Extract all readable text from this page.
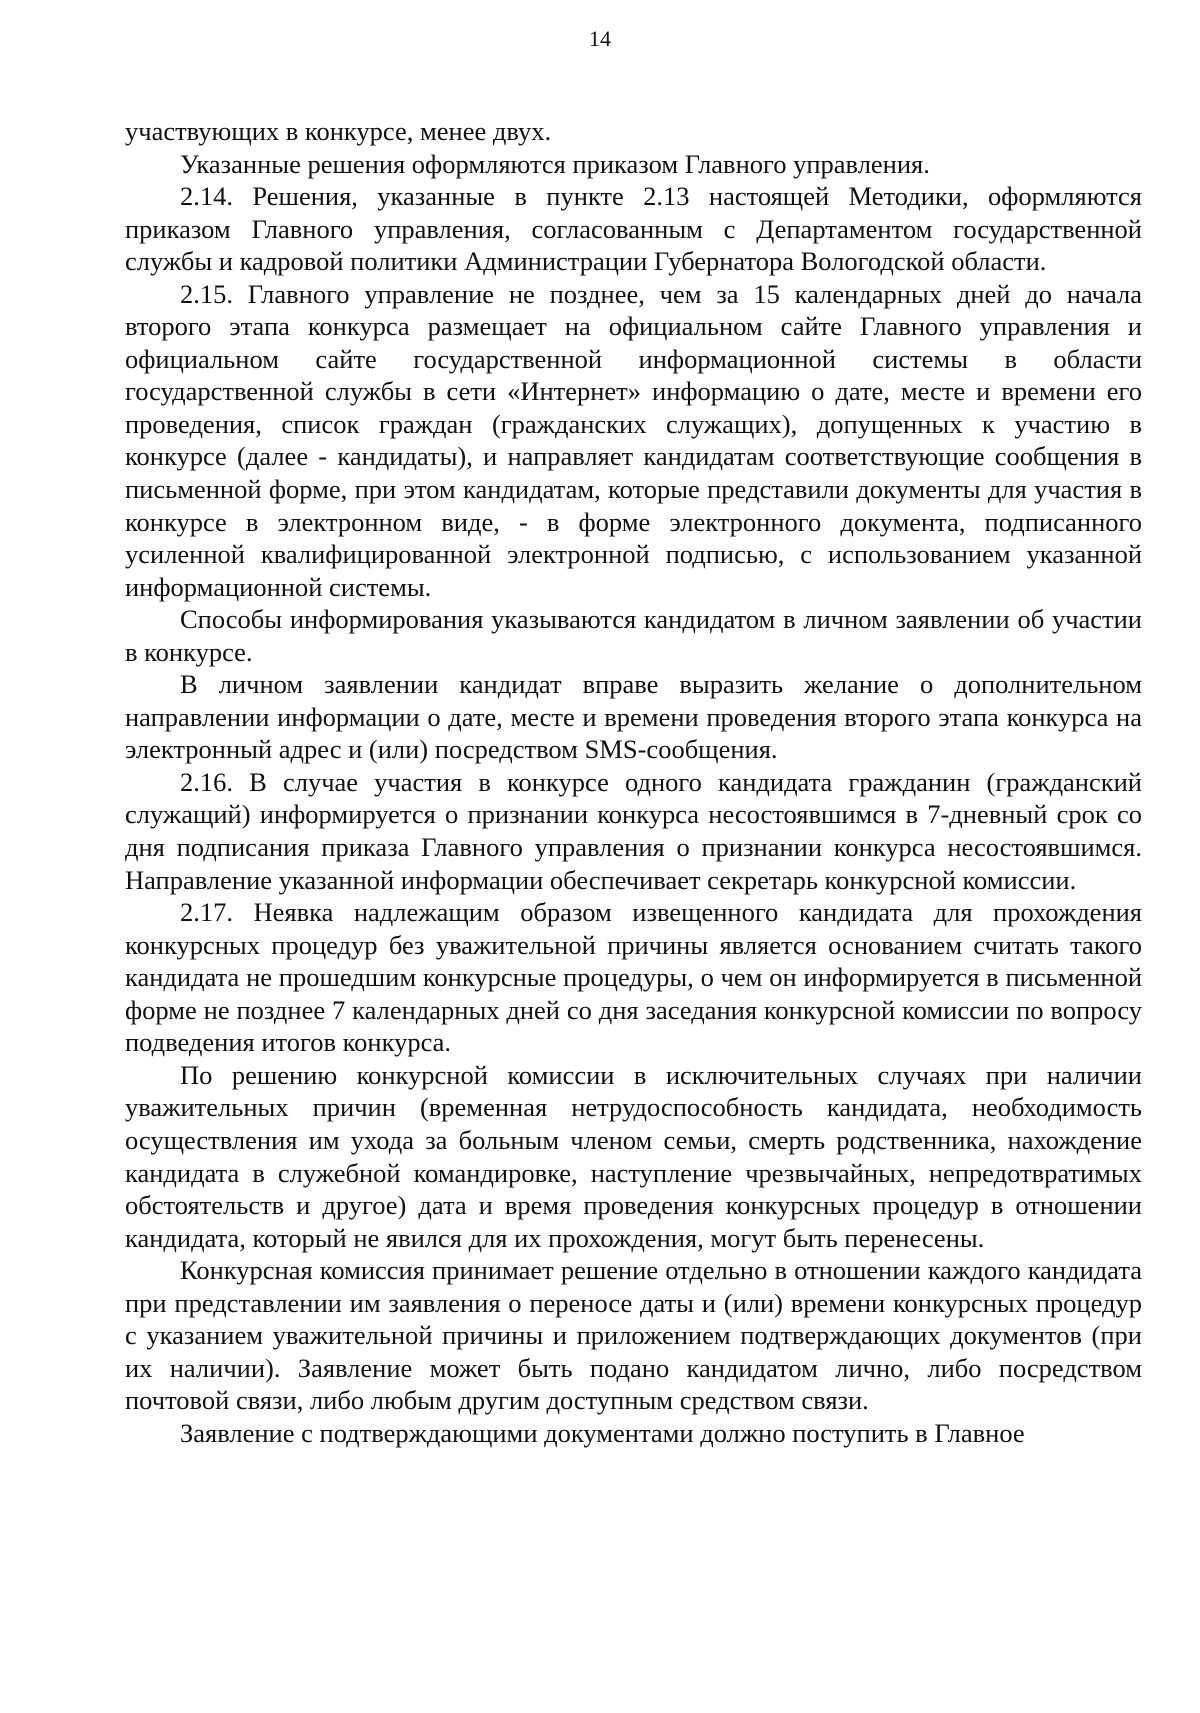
14

участвующих в конкурсе, менее двух.

Указанные решения оформляются приказом Главного управления.

2.14. Решения, указанные в пункте 2.13 настоящей Методики, оформляются приказом Главного управления, согласованным с Департаментом государственной службы и кадровой политики Администрации Губернатора Вологодской области.

2.15. Главного управление не позднее, чем за 15 календарных дней до начала второго этапа конкурса размещает на официальном сайте Главного управления и официальном сайте государственной информационной системы в области государственной службы в сети «Интернет» информацию о дате, месте и времени его проведения, список граждан (гражданских служащих), допущенных к участию в конкурсе (далее - кандидаты), и направляет кандидатам соответствующие сообщения в письменной форме, при этом кандидатам, которые представили документы для участия в конкурсе в электронном виде, - в форме электронного документа, подписанного усиленной квалифицированной электронной подписью, с использованием указанной информационной системы.

Способы информирования указываются кандидатом в личном заявлении об участии в конкурсе.

В личном заявлении кандидат вправе выразить желание о дополнительном направлении информации о дате, месте и времени проведения второго этапа конкурса на электронный адрес и (или) посредством SMS-сообщения.

2.16. В случае участия в конкурсе одного кандидата гражданин (гражданский служащий) информируется о признании конкурса несостоявшимся в 7-дневный срок со дня подписания приказа Главного управления о признании конкурса несостоявшимся. Направление указанной информации обеспечивает секретарь конкурсной комиссии.

2.17. Неявка надлежащим образом извещенного кандидата для прохождения конкурсных процедур без уважительной причины является основанием считать такого кандидата не прошедшим конкурсные процедуры, о чем он информируется в письменной форме не позднее 7 календарных дней со дня заседания конкурсной комиссии по вопросу подведения итогов конкурса.

По решению конкурсной комиссии в исключительных случаях при наличии уважительных причин (временная нетрудоспособность кандидата, необходимость осуществления им ухода за больным членом семьи, смерть родственника, нахождение кандидата в служебной командировке, наступление чрезвычайных, непредотвратимых обстоятельств и другое) дата и время проведения конкурсных процедур в отношении кандидата, который не явился для их прохождения, могут быть перенесены.

Конкурсная комиссия принимает решение отдельно в отношении каждого кандидата при представлении им заявления о переносе даты и (или) времени конкурсных процедур с указанием уважительной причины и приложением подтверждающих документов (при их наличии). Заявление может быть подано кандидатом лично, либо посредством почтовой связи, либо любым другим доступным средством связи.

Заявление с подтверждающими документами должно поступить в Главное
